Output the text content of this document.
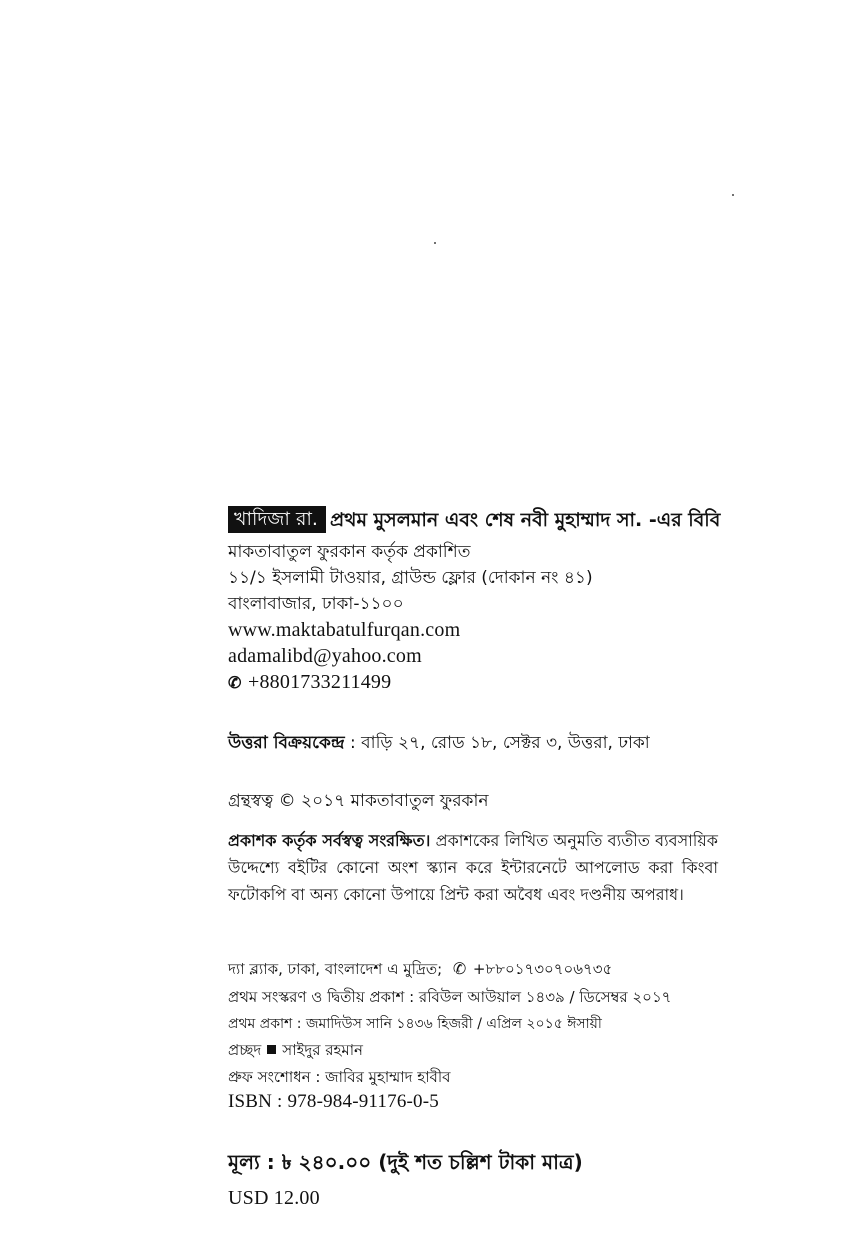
খাদিজা রা. প্রথম মুসলমান এবং শেষ নবী মুহাম্মাদ সা. -এর বিবি
মাকতাবাতুল ফুরকান কর্তৃক প্রকাশিত
১১/১ ইসলামী টাওয়ার, গ্রাউন্ড ফ্লোর (দোকান নং ৪১)
বাংলাবাজার, ঢাকা-১১০০
www.maktabatulfurqan.com
adamalibd@yahoo.com
✆ +8801733211499
উত্তরা বিক্রয়কেন্দ্র : বাড়ি ২৭, রোড ১৮, সেক্টর ৩, উত্তরা, ঢাকা
গ্রন্থস্বত্ব © ২০১৭ মাকতাবাতুল ফুরকান
প্রকাশক কর্তৃক সর্বস্বত্ব সংরক্ষিত। প্রকাশকের লিখিত অনুমতি ব্যতীত ব্যবসায়িক উদ্দেশ্যে বইটির কোনো অংশ স্ক্যান করে ইন্টারনেটে আপলোড করা কিংবা ফটোকপি বা অন্য কোনো উপায়ে প্রিন্ট করা অবৈধ এবং দণ্ডনীয় অপরাধ।
দ্যা ব্ল্যাক, ঢাকা, বাংলাদেশ এ মুদ্রিত; ✆ +৮৮০১৭৩০৭০৬৭৩৫
প্রথম সংস্করণ ও দ্বিতীয় প্রকাশ : রবিউল আউয়াল ১৪৩৯ / ডিসেম্বর ২০১৭
প্রথম প্রকাশ : জমাদিউস সানি ১৪৩৬ হিজরী / এপ্রিল ২০১৫ ঈসায়ী
প্রচ্ছদ সাইদুর রহমান
প্রুফ সংশোধন : জাবির মুহাম্মাদ হাবীব
ISBN : 978-984-91176-0-5
মূল্য : ৳ ২৪০.০০ (দুই শত চল্লিশ টাকা মাত্র)
USD 12.00
